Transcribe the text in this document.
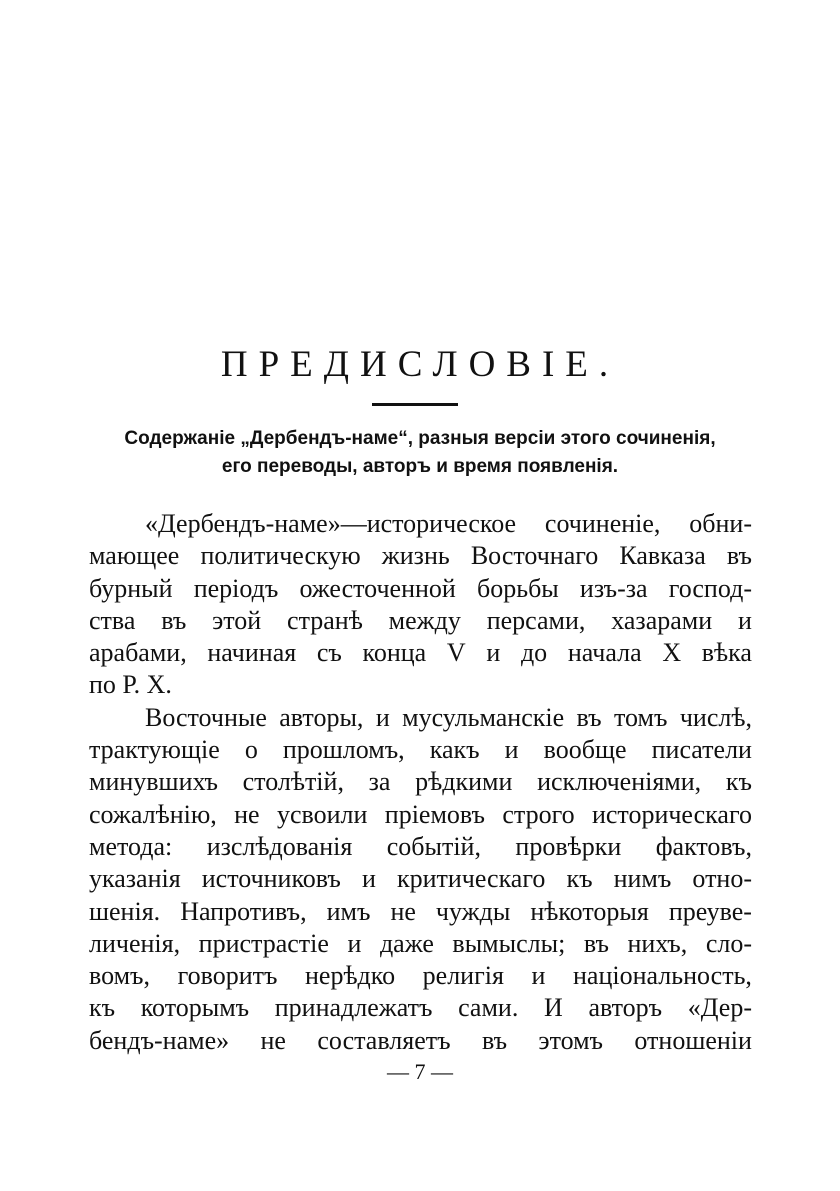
ПРЕДИСЛОВІЕ.
Содержаніе „Дербендъ-наме“, разныя версіи этого сочиненія,
его переводы, авторъ и время появленія.
«Дербендъ-наме»—историческое сочиненіе, обни-
мающее политическую жизнь Восточнаго Кавказа въ
бурный періодъ ожесточенной борьбы изъ-за господ-
ства въ этой странѣ между персами, хазарами и
арабами, начиная съ конца V и до начала X вѣка
по Р. Х.
Восточные авторы, и мусульманскіе въ томъ числѣ,
трактующіе о прошломъ, какъ и вообще писатели
минувшихъ столѣтій, за рѣдкими исключеніями, къ
сожалѣнію, не усвоили пріемовъ строго историческаго
метода: изслѣдованія событій, провѣрки фактовъ,
указанія источниковъ и критическаго къ нимъ отно-
шенія. Напротивъ, имъ не чужды нѣкоторыя преуве-
личенія, пристрастіе и даже вымыслы; въ нихъ, сло-
вомъ, говоритъ нерѣдко религія и національность,
къ которымъ принадлежатъ сами. И авторъ «Дер-
бендъ-наме» не составляетъ въ этомъ отношеніи
— 7 —
